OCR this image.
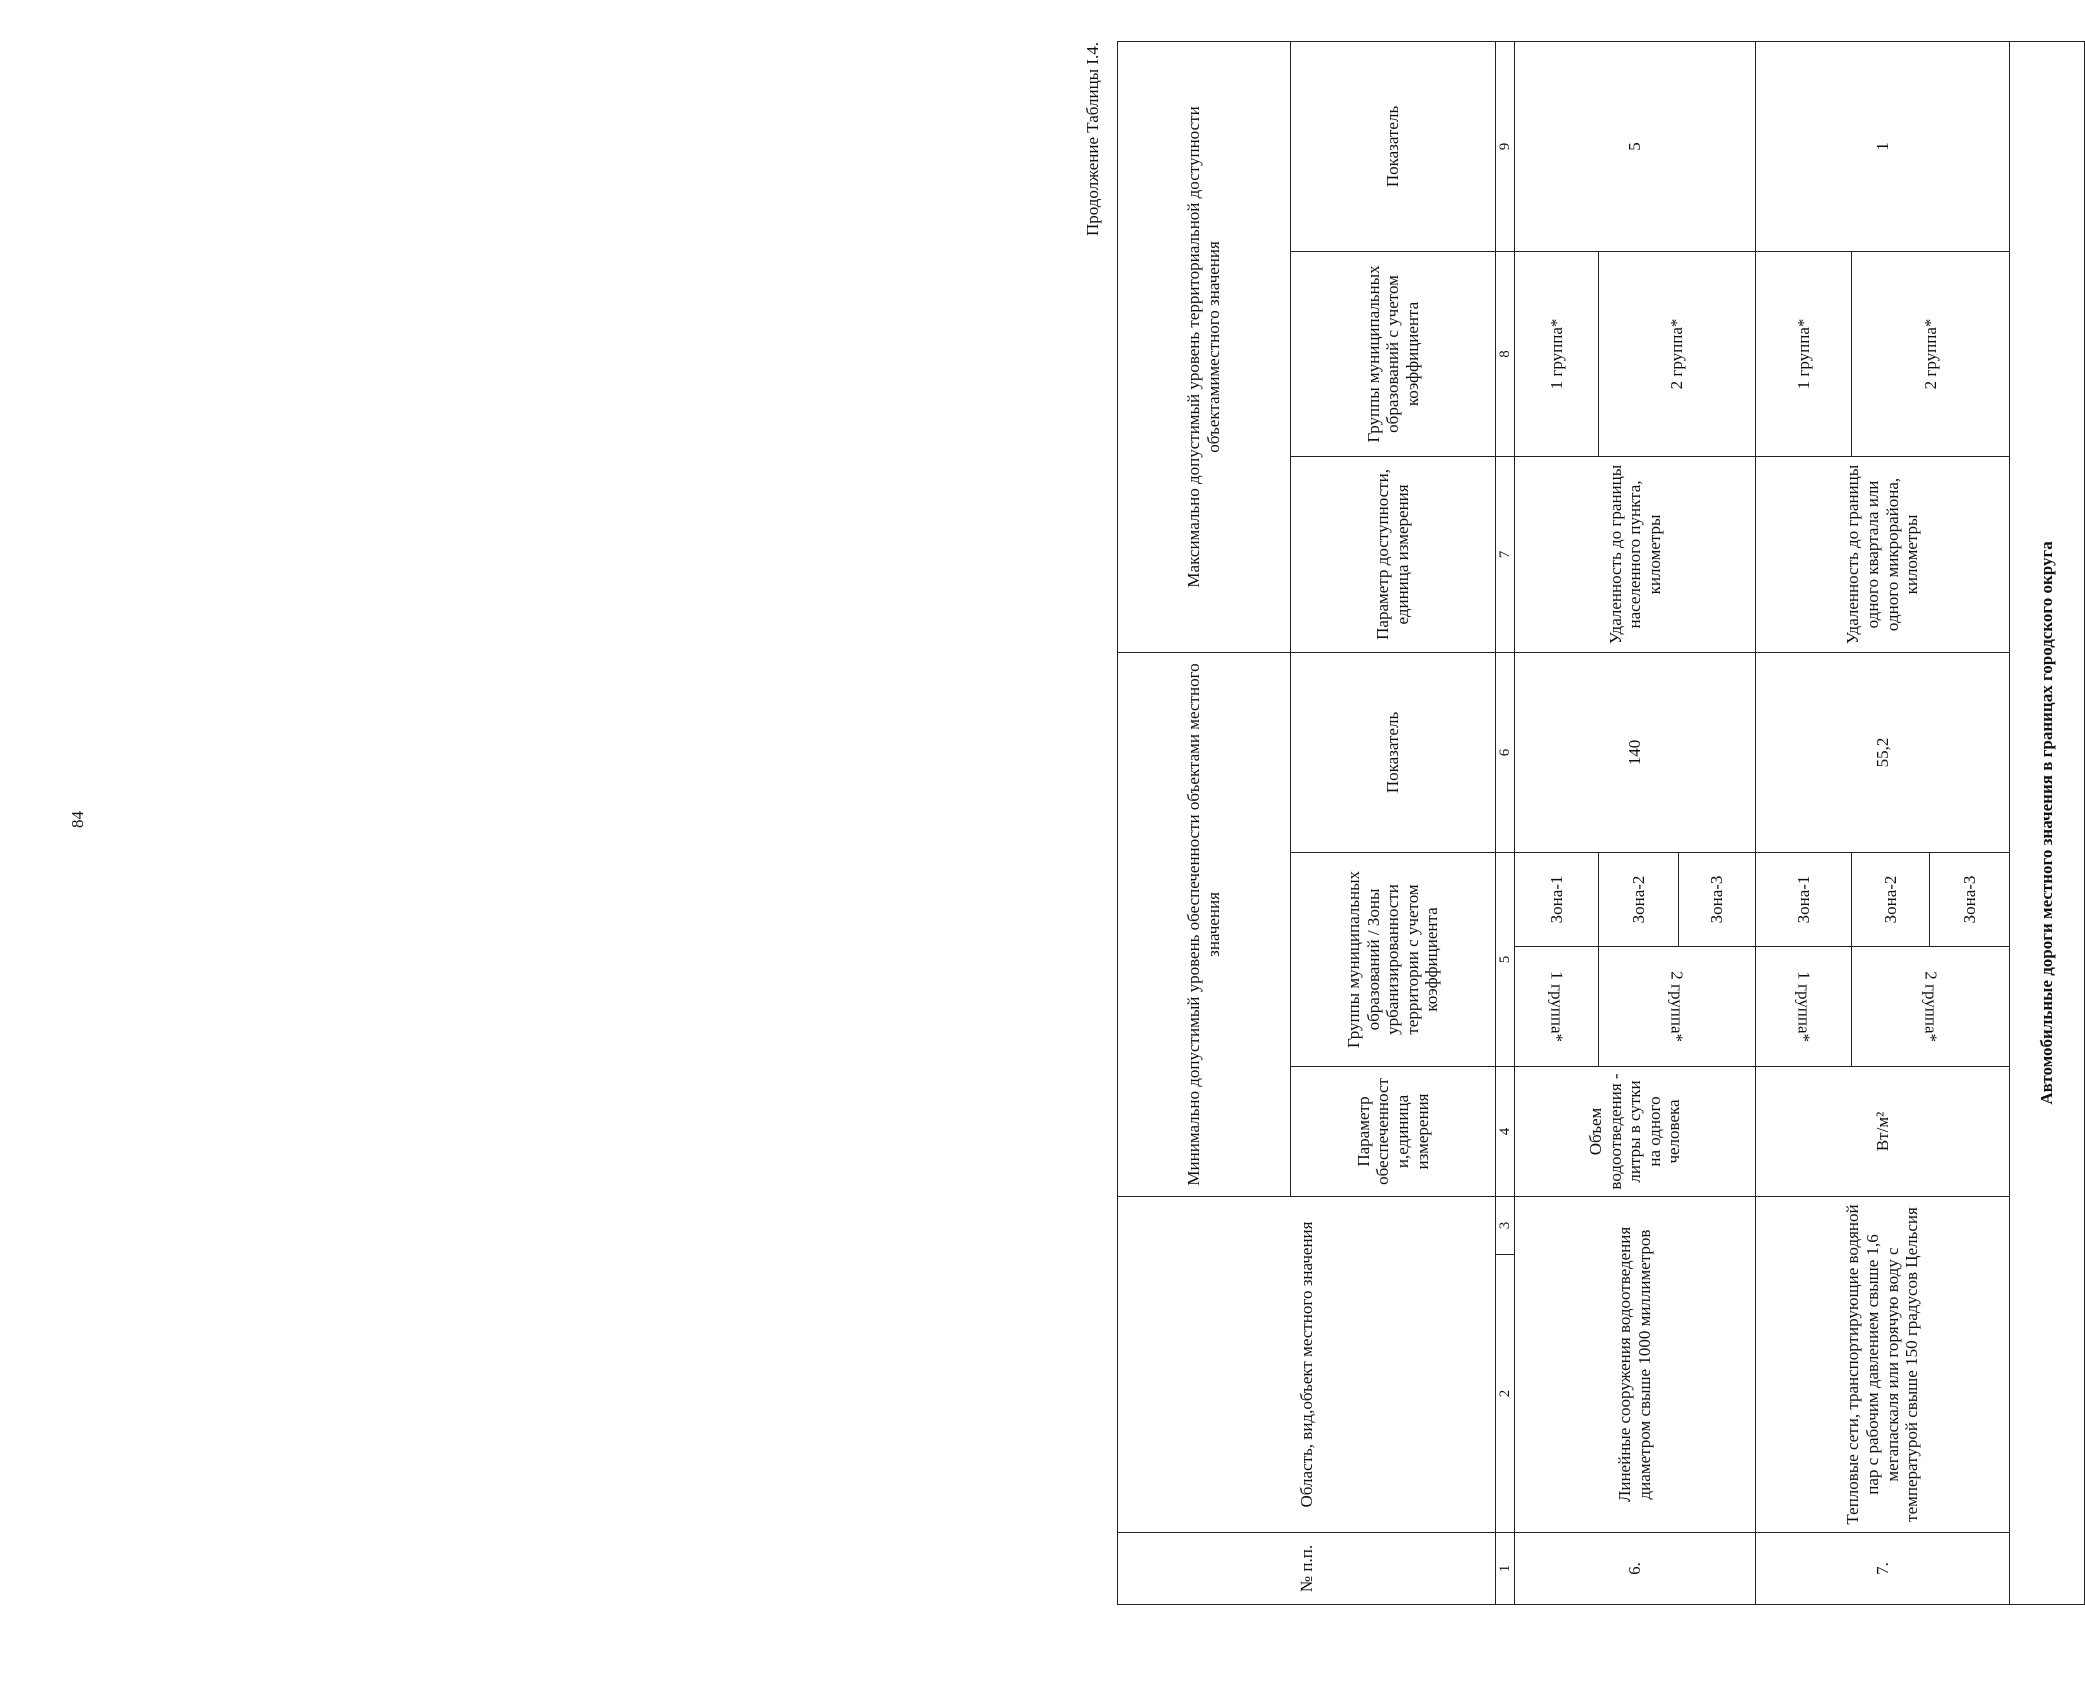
84
Продолжение Таблицы I.4.
№ п.п.	Область, вид,объект местного значения		Минимально допустимый уровень обеспеченности объектами местного значения				Максимально допустимый уровень территориальной доступности объектамиместного значения		
			Параметр обеспеченност и,единица измерения	Группы муниципальных образований / Зоны урбанизированности территории с учетом коэффициента		Показатель	Параметр доступности, единица измерения	Группы муниципальных образований с учетом коэффициента	Показатель
1	2	3	4	5		6	7	8	9
6.	Линейные сооружения водоотведения диаметром свыше 1000 миллиметров		Объем водоотведения - литры в сутки на одного человека	1 группа*	Зона-1	140	Удаленность до границы населенного пункта, километры	1 группа*	5
				2 группа*	Зона-2			2 группа*	
					Зона-3				
7.	Тепловые сети, транспортирующие водяной пар с рабочим давлением свыше 1,6 мегапаскаля или горячую воду с температурой свыше 150 градусов Цельсия		Вт/м²	1 группа*	Зона-1	55,2	Удаленность до границы одного квартала или одного микрорайона, километры	1 группа*	1
				2 группа*	Зона-2			2 группа*	
					Зона-3				
Автомобильные дороги местного значения в границах городского округа									
